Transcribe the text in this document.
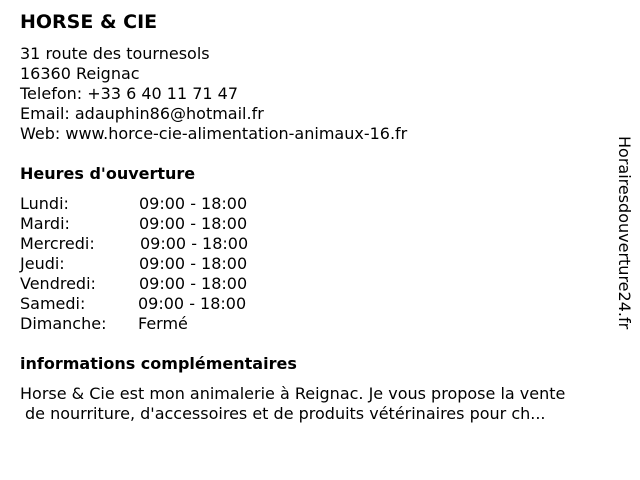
HORSE & CIE
31 route des tournesols
16360 Reignac
Telefon: +33 6 40 11 71 47
Email: adauphin86@hotmail.fr
Web: www.horce-cie-alimentation-animaux-16.fr
Heures d'ouverture
Lundi:	09:00 - 18:00
Mardi:	09:00 - 18:00
Mercredi:	09:00 - 18:00
Jeudi:	09:00 - 18:00
Vendredi:	09:00 - 18:00
Samedi:	09:00 - 18:00
Dimanche: Fermé
informations complémentaires
Horse & Cie est mon animalerie à Reignac. Je vous propose la vente
de nourriture, d'accessoires et de produits vétérinaires pour ch...
Horairesdouverture24.fr
